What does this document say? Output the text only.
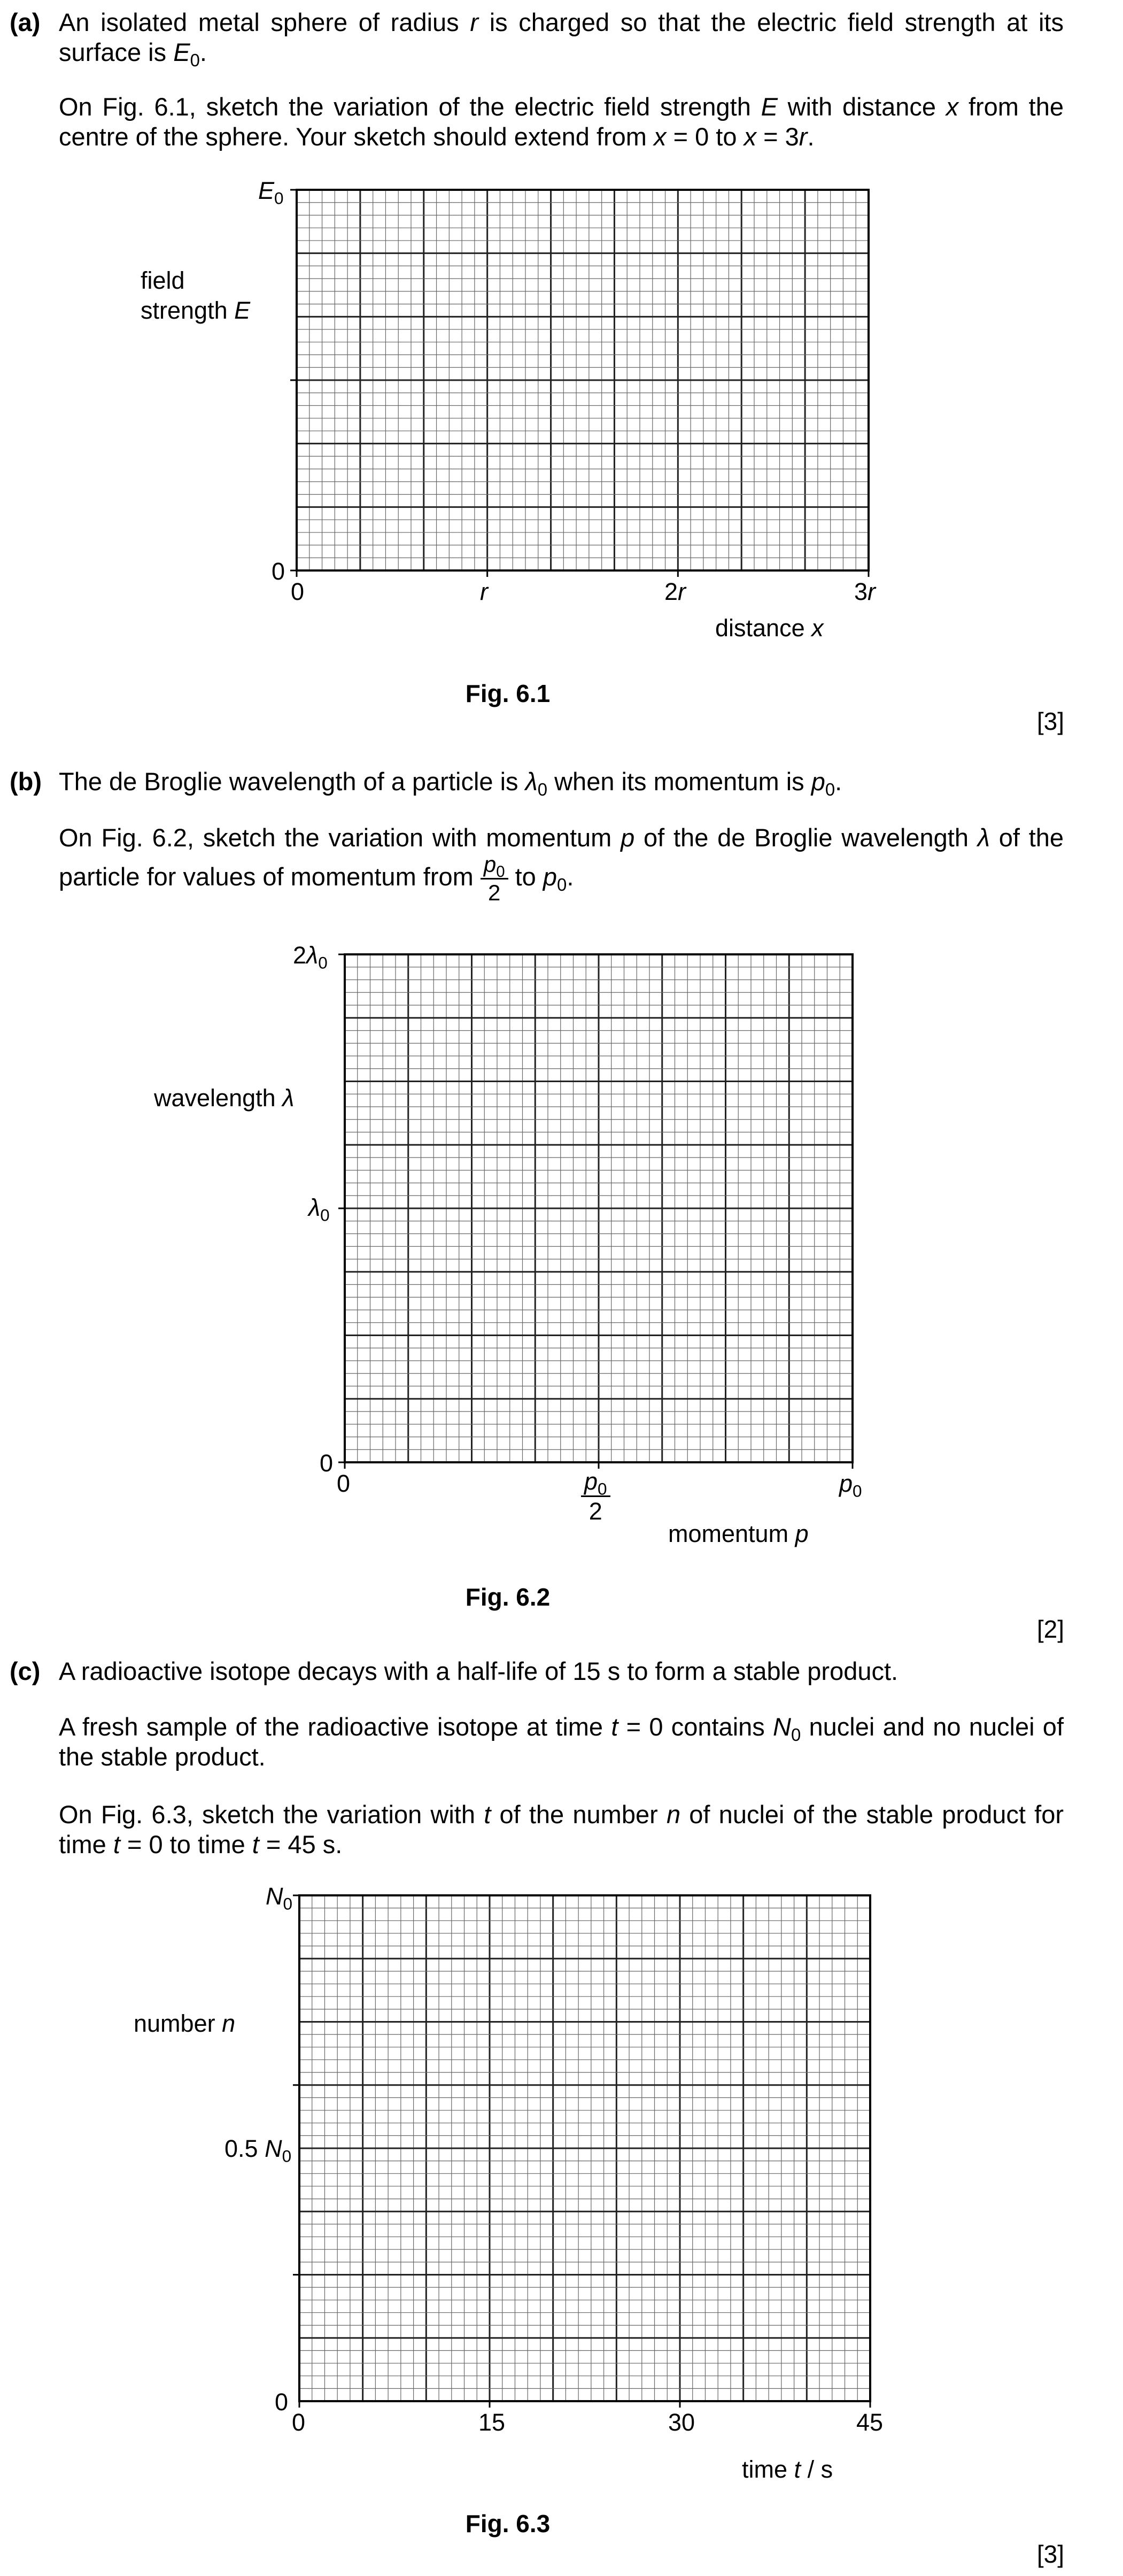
(a) An isolated metal sphere of radius r is charged so that the electric field strength at its surface is $E_0$.
On Fig. 6.1, sketch the variation of the electric field strength E with distance x from the centre of the sphere. Your sketch should extend from x = 0 to x = 3r.
$E_0$
0
field
strength E
0	r	2r	3r
distance x
Fig. 6.1
[3]
(b) The de Broglie wavelength of a particle is $\lambda_0$ when its momentum is $p_0$.
On Fig. 6.2, sketch the variation with momentum p of the de Broglie wavelength λ of the particle for values of momentum from $\frac{p_0}{2}$ to $p_0$.
$2\lambda_0$
$\lambda_0$
0
wavelength λ
0	$\frac{p_0}{2}$	$p_0$
momentum p
Fig. 6.2
[2]
(c) A radioactive isotope decays with a half-life of 15 s to form a stable product.
A fresh sample of the radioactive isotope at time t = 0 contains $N_0$ nuclei and no nuclei of the stable product.
On Fig. 6.3, sketch the variation with t of the number n of nuclei of the stable product for time t = 0 to time t = 45 s.
$N_0$
0.5 $N_0$
0
number n
0	15	30	45
time t / s
Fig. 6.3
[3]
